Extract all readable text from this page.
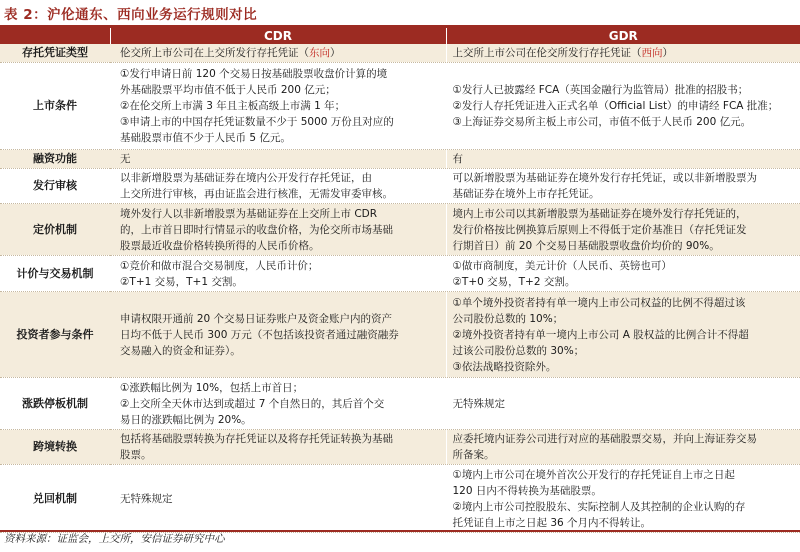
表 2：沪伦通东、西向业务运行规则对比
	CDR	GDR
存托凭证类型	伦交所上市公司在上交所发行存托凭证（东向）	上交所上市公司在伦交所发行存托凭证（西向）
上市条件	①发行申请日前 120 个交易日按基础股票收盘价计算的境
外基础股票平均市值不低于人民币 200 亿元；
②在伦交所上市满 3 年且主板高级上市满 1 年；
③申请上市的中国存托凭证数量不少于 5000 万份且对应的
基础股票市值不少于人民币 5 亿元。	①发行人已披露经 FCA（英国金融行为监管局）批准的招股书；
②发行人存托凭证进入正式名单（Official List）的申请经 FCA 批准；
③上海证券交易所主板上市公司，市值不低于人民币 200 亿元。

融资功能	无	有

发行审核	以非新增股票为基础证券在境内公开发行存托凭证，由
上交所进行审核，再由证监会进行核准，无需发审委审核。	可以新增股票为基础证券在境外发行存托凭证，或以非新增股票为
基础证券在境外上市存托凭证。

定价机制	境外发行人以非新增股票为基础证券在上交所上市 CDR
的，上市首日即时行情显示的收盘价格，为伦交所市场基础
股票最近收盘价格转换所得的人民币价格。	境内上市公司以其新增股票为基础证券在境外发行存托凭证的，
发行价格按比例换算后原则上不得低于定价基准日（存托凭证发
行期首日）前 20 个交易日基础股票收盘价均价的 90%。

计价与交易机制	①竞价和做市混合交易制度，人民币计价；
②T+1 交易，T+1 交割。	①做市商制度，美元计价（人民币、英镑也可）
②T+0 交易，T+2 交割。

投资者参与条件	申请权限开通前 20 个交易日证券账户及资金账户内的资产
日均不低于人民币 300 万元（不包括该投资者通过融资融券
交易融入的资金和证券）。	①单个境外投资者持有单一境内上市公司权益的比例不得超过该
公司股份总数的 10%；
②境外投资者持有单一境内上市公司 A 股权益的比例合计不得超
过该公司股份总数的 30%；
③依法战略投资除外。

涨跌停板机制	①涨跌幅比例为 10%，包括上市首日；
②上交所全天休市达到或超过 7 个自然日的，其后首个交
易日的涨跌幅比例为 20%。	无特殊规定

跨境转换	包括将基础股票转换为存托凭证以及将存托凭证转换为基础
股票。	应委托境内证券公司进行对应的基础股票交易，并向上海证券交易
所备案。

兑回机制	无特殊规定	①境内上市公司在境外首次公开发行的存托凭证自上市之日起
120 日内不得转换为基础股票。
②境内上市公司控股股东、实际控制人及其控制的企业认购的存
托凭证自上市之日起 36 个月内不得转让。
资料来源：证监会，上交所，安信证券研究中心
